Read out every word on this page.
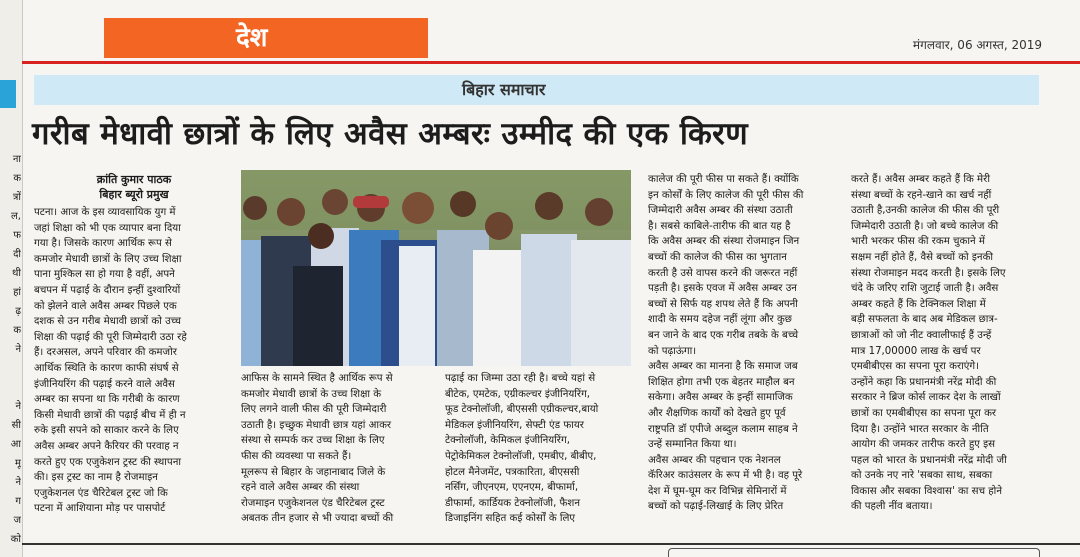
ना
क
त्रों
ल,
फ
दी
थी
हां
ढ़
क
ने
ने
सी
आ
मू
ने
ग
ज
को
देश	मंगलवार, 06 अगस्त, 2019
बिहार समाचार
गरीब मेधावी छात्रों के लिए अवैस अम्बरः उम्मीद की एक किरण
क्रांति कुमार पाठक
बिहार ब्यूरो प्रमुख
पटना। आज के इस व्यावसायिक युग में
जहां शिक्षा को भी एक व्यापार बना दिया
गया है। जिसके कारण आर्थिक रूप से
कमजोर मेधावी छात्रों के लिए उच्च शिक्षा
पाना मुश्किल सा हो गया है वहीं, अपने
बचपन में पढ़ाई के दौरान इन्हीं दुश्वारियों
को झेलने वाले अवैस अम्बर पिछले एक
दशक से उन गरीब मेधावी छात्रों को उच्च
शिक्षा की पढ़ाई की पूरी जिम्मेदारी उठा रहे
हैं। दरअसल, अपने परिवार की कमजोर
आर्थिक स्थिति के कारण काफी संघर्ष से
इंजीनियरिंग की पढ़ाई करने वाले अवैस
अम्बर का सपना था कि गरीबी के कारण
किसी मेधावी छात्रों की पढ़ाई बीच में ही न
रुके इसी सपने को साकार करने के लिए
अवैस अम्बर अपने कैरियर की परवाह न
करते हुए एक एजुकेशन ट्रस्ट की स्थापना
की। इस ट्रस्ट का नाम है रोजमाइन
एजुकेशनल एंड चैरिटेबल ट्रस्ट जो कि
पटना में आशियाना मोड़ पर पासपोर्ट
आफिस के सामने स्थित है आर्थिक रूप से
कमजोर मेधावी छात्रों के उच्च शिक्षा के
लिए लगने वाली फीस की पूरी जिम्मेदारी
उठाती है। इच्छुक मेधावी छात्र यहां आकर
संस्था से सम्पर्क कर उच्च शिक्षा के लिए
फीस की व्यवस्था पा सकते हैं।
मूलरूप से बिहार के जहानाबाद जिले के
रहने वाले अवैस अम्बर की संस्था
रोजमाइन एजुकेशनल एंड चैरिटेबल ट्रस्ट
अबतक तीन हजार से भी ज्यादा बच्चों की
पढ़ाई का जिम्मा उठा रही है। बच्चे यहां से
बीटेक, एमटेक, एग्रीकल्चर इंजीनियरिंग,
फूड टेक्नोलॉजी, बीएससी एग्रीकल्चर,बायो
मेडिकल इंजीनियरिंग, सेफ्टी एंड फायर
टेक्नोलॉजी, केमिकल इंजीनियरिंग,
पेट्रोकेमिकल टेक्नोलॉजी, एमबीए, बीबीए,
होटल मैनेजमेंट, पत्रकारिता, बीएससी
नर्सिंग, जीएनएम, एएनएम, बीफार्मा,
डीफार्मा, कार्डियक टेक्नोलॉजी, फैशन
डिजाइनिंग सहित कई कोर्सों के लिए
कालेज की पूरी फीस पा सकते हैं। क्योंकि
इन कोर्सों के लिए कालेज की पूरी फीस की
जिम्मेदारी अवैस अम्बर की संस्था उठाती
है। सबसे काबिले-तारीफ की बात यह है
कि अवैस अम्बर की संस्था रोजमाइन जिन
बच्चों की कालेज की फीस का भुगतान
करती है उसे वापस करने की जरूरत नहीं
पड़ती है। इसके एवज में अवैस अम्बर उन
बच्चों से सिर्फ यह शपथ लेते हैं कि अपनी
शादी के समय दहेज नहीं लूंगा और कुछ
बन जाने के बाद एक गरीब तबके के बच्चे
को पढ़ाऊंगा।
अवैस अम्बर का मानना है कि समाज जब
शिक्षित होगा तभी एक बेहतर माहौल बन
सकेगा। अवैस अम्बर के इन्हीं सामाजिक
और शैक्षणिक कार्यों को देखते हुए पूर्व
राष्ट्रपति डॉ एपीजे अब्दुल कलाम साहब ने
उन्हें सम्मानित किया था।
अवैस अम्बर की पहचान एक नेशनल
कॅरिअर काउंसलर के रूप में भी है। वह पूरे
देश में घूम-घूम कर विभिन्न सेमिनारों में
बच्चों को पढ़ाई-लिखाई के लिए प्रेरित
करते हैं। अवैस अम्बर कहते हैं कि मेरी
संस्था बच्चों के रहने-खाने का खर्च नहीं
उठाती है,उनकी कालेज की फीस की पूरी
जिम्मेदारी उठाती है। जो बच्चे कालेज की
भारी भरकर फीस की रकम चुकाने में
सक्षम नहीं होते हैं, वैसे बच्चों को इनकी
संस्था रोजमाइन मदद करती है। इसके लिए
चंदे के जरिए राशि जुटाई जाती है। अवैस
अम्बर कहते हैं कि टेक्निकल शिक्षा में
बड़ी सफलता के बाद अब मेडिकल छात्र-
छात्राओं को जो नीट क्वालीफाई हैं उन्हें
मात्र 17,00000 लाख के खर्च पर
एमबीबीएस का सपना पूरा कराएंगे।
उन्होंने कहा कि प्रधानमंत्री नरेंद्र मोदी की
सरकार ने ब्रिज कोर्स लाकर देश के लाखों
छात्रों का एमबीबीएस का सपना पूरा कर
दिया है। उन्होंने भारत सरकार के नीति
आयोग की जमकर तारीफ करते हुए इस
पहल को भारत के प्रधानमंत्री नरेंद्र मोदी जी
को उनके नए नारे 'सबका साथ, सबका
विकास और सबका विश्वास' का सच होने
की पहली नींव बताया।
